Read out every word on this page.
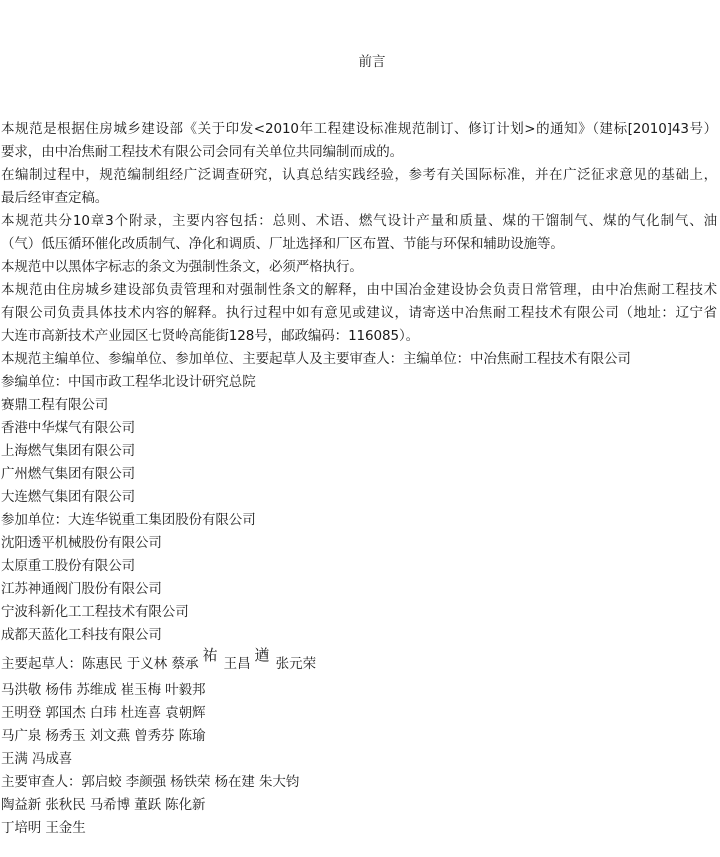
前言
本规范是根据住房城乡建设部《关于印发<2010年工程建设标准规范制订、修订计划>的通知》（建标[2010]43号）
要求，由中冶焦耐工程技术有限公司会同有关单位共同编制而成的。
在编制过程中，规范编制组经广泛调查研究，认真总结实践经验，参考有关国际标准，并在广泛征求意见的基础上，
最后经审查定稿。
本规范共分10章3个附录，主要内容包括：总则、术语、燃气设计产量和质量、煤的干馏制气、煤的气化制气、油
（气）低压循环催化改质制气、净化和调质、厂址选择和厂区布置、节能与环保和辅助设施等。
本规范中以黑体字标志的条文为强制性条文，必须严格执行。
本规范由住房城乡建设部负责管理和对强制性条文的解释，由中国冶金建设协会负责日常管理，由中冶焦耐工程技术
有限公司负责具体技术内容的解释。执行过程中如有意见或建议，请寄送中冶焦耐工程技术有限公司（地址：辽宁省
大连市高新技术产业园区七贤岭高能街128号，邮政编码：116085）。
本规范主编单位、参编单位、参加单位、主要起草人及主要审查人：主编单位：中冶焦耐工程技术有限公司
参编单位：中国市政工程华北设计研究总院
赛鼎工程有限公司
香港中华煤气有限公司
上海燃气集团有限公司
广州燃气集团有限公司
大连燃气集团有限公司
参加单位：大连华锐重工集团股份有限公司
沈阳透平机械股份有限公司
太原重工股份有限公司
江苏神通阀门股份有限公司
宁波科新化工工程技术有限公司
成都天蓝化工科技有限公司
主要起草人：陈惠民 于义林 蔡承 祐 王昌 遒 张元荣
马洪敬 杨伟 苏维成 崔玉梅 叶毅邦
王明登 郭国杰 白玮 杜连喜 袁朝辉
马广泉 杨秀玉 刘文燕 曾秀芬 陈瑜
王满 冯成喜
主要审查人：郭启蛟 李颜强 杨铁荣 杨在建 朱大钧
陶益新 张秋民 马希博 董跃 陈化新
丁培明 王金生
